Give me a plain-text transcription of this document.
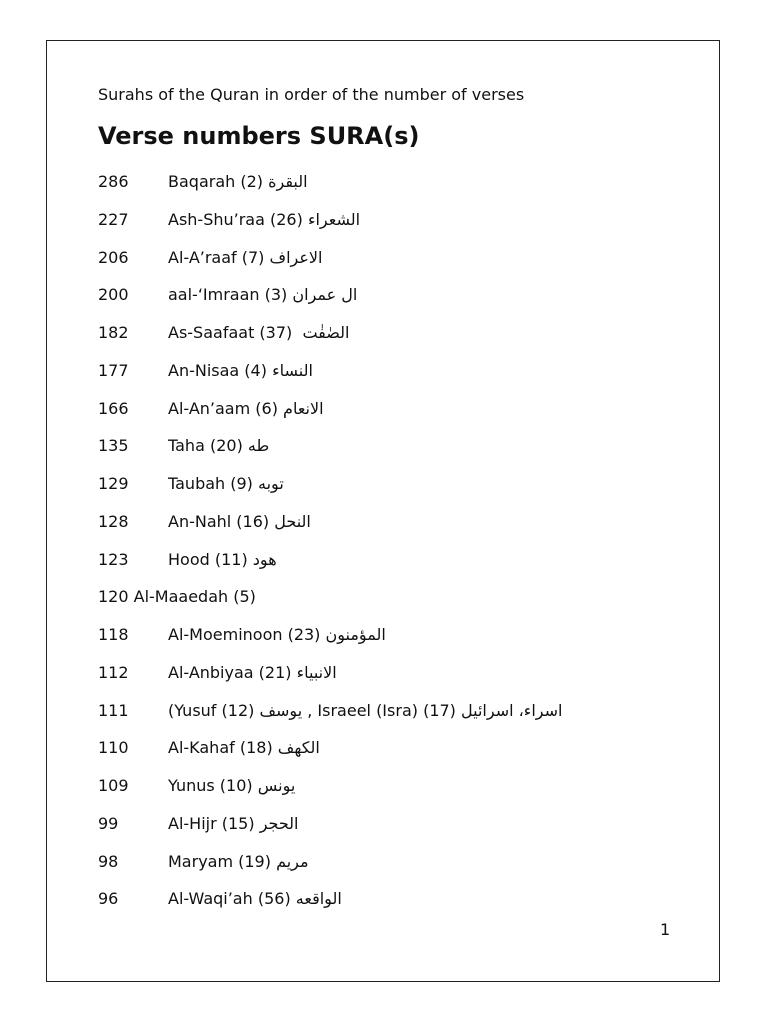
Surahs of the Quran in order of the number of verses
Verse numbers SURA(s)
286 Baqarah (2) البقرة
227 Ash-Shu’raa (26) الشعراء
206 Al-A’raaf (7) الاعراف
200 aal-‘Imraan (3) ال عمران
182 As-Saafaat (37) الصٰفٰت
177 An-Nisaa (4) النساء
166 Al-An’aam (6) الانعام
135 Taha (20) طه
129 Taubah (9) توبه
128 An-Nahl (16) النحل
123 Hood (11) هود
120 Al-Maaedah (5)
118 Al-Moeminoon (23) المؤمنون
112 Al-Anbiyaa (21) الانبياء
111 (Yusuf (12) يوسف , Israeel (Isra) (17) اسراء، اسرائيل
110 Al-Kahaf (18) الكهف
109 Yunus (10) يونس
99	Al-Hijr (15) الحجر
98	Maryam (19) مريم
96	Al-Waqi’ah (56) الواقعه
1
